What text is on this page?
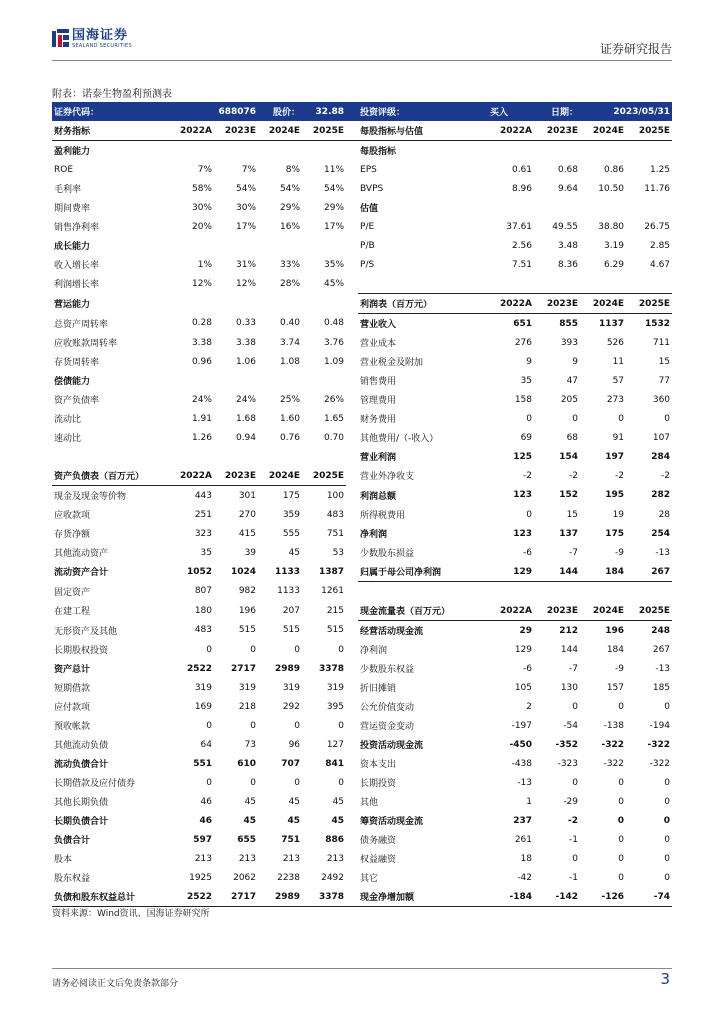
国海证券
SEALAND SECURITIES	证券研究报告
附表：诺泰生物盈利预测表
证券代码：	688076		股价：	32.88		投资评级：	买入	日期：	2023/05/31	
财务指标	2022A	2023E	2024E	2025E		每股指标与估值	2022A	2023E	2024E	2025E
盈利能力						每股指标				
ROE	7%	7%	8%	11%		EPS	0.61	0.68	0.86	1.25
毛利率	58%	54%	54%	54%		BVPS	8.96	9.64	10.50	11.76
期间费率	30%	30%	29%	29%		估值				
销售净利率	20%	17%	16%	17%		P/E	37.61	49.55	38.80	26.75
成长能力						P/B	2.56	3.48	3.19	2.85
收入增长率	1%	31%	33%	35%		P/S	7.51	8.36	6.29	4.67
利润增长率	12%	12%	28%	45%						
营运能力						利润表（百万元）	2022A	2023E	2024E	2025E
总资产周转率	0.28	0.33	0.40	0.48		营业收入	651	855	1137	1532
应收账款周转率	3.38	3.38	3.74	3.76		营业成本	276	393	526	711
存货周转率	0.96	1.06	1.08	1.09		营业税金及附加	9	9	11	15
偿债能力						销售费用	35	47	57	77
资产负债率	24%	24%	25%	26%		管理费用	158	205	273	360
流动比	1.91	1.68	1.60	1.65		财务费用	0	0	0	0
速动比	1.26	0.94	0.76	0.70		其他费用/（-收入）	69	68	91	107
						营业利润	125	154	197	284
资产负债表（百万元）	2022A	2023E	2024E	2025E		营业外净收支	-2	-2	-2	-2
现金及现金等价物	443	301	175	100		利润总额	123	152	195	282
应收款项	251	270	359	483		所得税费用	0	15	19	28
存货净额	323	415	555	751		净利润	123	137	175	254
其他流动资产	35	39	45	53		少数股东损益	-6	-7	-9	-13
流动资产合计	1052	1024	1133	1387		归属于母公司净利润	129	144	184	267
固定资产	807	982	1133	1261						
在建工程	180	196	207	215		现金流量表（百万元）	2022A	2023E	2024E	2025E
无形资产及其他	483	515	515	515		经营活动现金流	29	212	196	248
长期股权投资	0	0	0	0		净利润	129	144	184	267
资产总计	2522	2717	2989	3378		少数股东权益	-6	-7	-9	-13
短期借款	319	319	319	319		折旧摊销	105	130	157	185
应付款项	169	218	292	395		公允价值变动	2	0	0	0
预收帐款	0	0	0	0		营运资金变动	-197	-54	-138	-194
其他流动负债	64	73	96	127		投资活动现金流	-450	-352	-322	-322
流动负债合计	551	610	707	841		资本支出	-438	-323	-322	-322
长期借款及应付债券	0	0	0	0		长期投资	-13	0	0	0
其他长期负债	46	45	45	45		其他	1	-29	0	0
长期负债合计	46	45	45	45		筹资活动现金流	237	-2	0	0
负债合计	597	655	751	886		债务融资	261	-1	0	0
股本	213	213	213	213		权益融资	18	0	0	0
股东权益	1925	2062	2238	2492		其它	-42	-1	0	0
负债和股东权益总计	2522	2717	2989	3378		现金净增加额	-184	-142	-126	-74
资料来源：Wind资讯、国海证券研究所
请务必阅读正文后免责条款部分	3
